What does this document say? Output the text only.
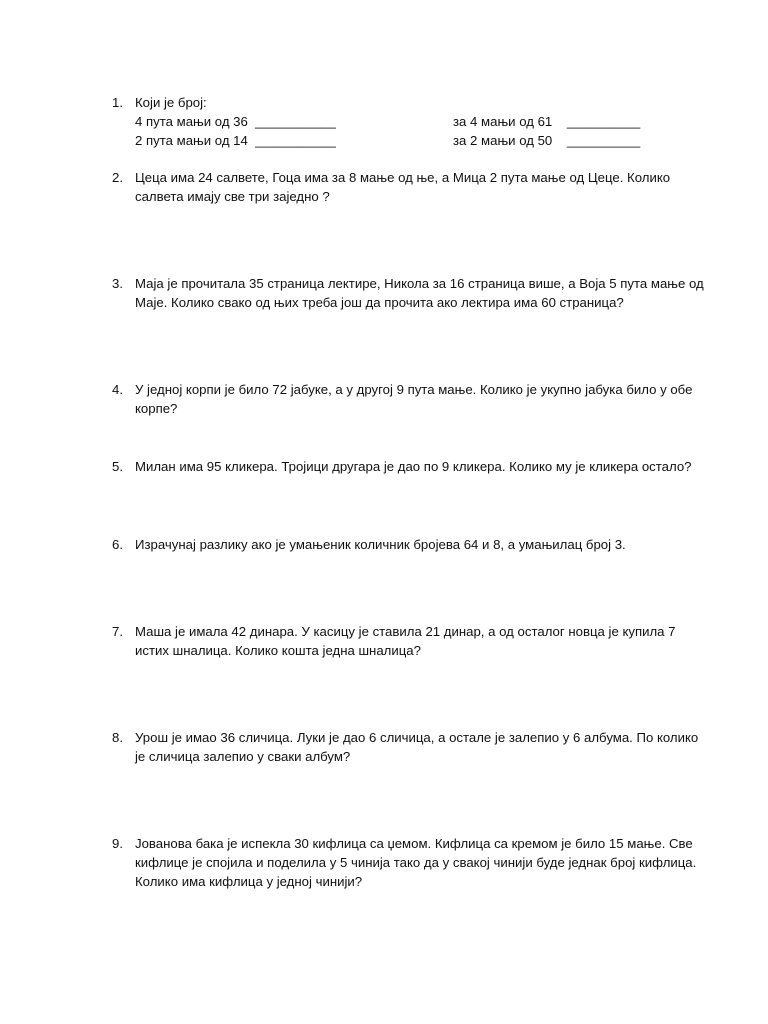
1. Који је број:
4 пута мањи од 36  ___________
2 пута мањи од 14  ___________
за 4 мањи од 61    __________
за 2 мањи од 50    __________
2. Цеца има 24 салвете, Гоца има за 8 мање од ње, а Мица 2 пута мање од Цеце. Колико
салвета имају све три заједно ?
3. Маја је прочитала 35 страница лектире, Никола за 16 страница више, а Воја 5 пута мање од
Маје. Колико свако од њих треба још да прочита ако лектира има 60 страница?
4. У једној корпи је било 72 јабуке, а у другој 9 пута мање. Колико је укупно јабука било у обе
корпе?
5. Милан има 95 кликера. Тројици другара је дао по 9 кликера. Колико му је кликера остало?
6. Израчунај разлику ако је умањеник количник бројева 64 и 8, а умањилац број 3.
7. Маша је имала 42 динара. У касицу је ставила 21 динар, а од осталог новца је купила 7
истих шналица. Колико кошта једна шналица?
8. Урош је имао 36 сличица. Луки је дао 6 сличица, а остале је залепио у 6 албума. По колико
је сличица залепио у сваки албум?
9. Јованова бака је испекла 30 кифлица са џемом. Кифлица са кремом је било 15 мање. Све
кифлице је спојила и поделила у 5 чинија тако да у свакој чинији буде једнак број кифлица.
Колико има кифлица у једној чинији?
